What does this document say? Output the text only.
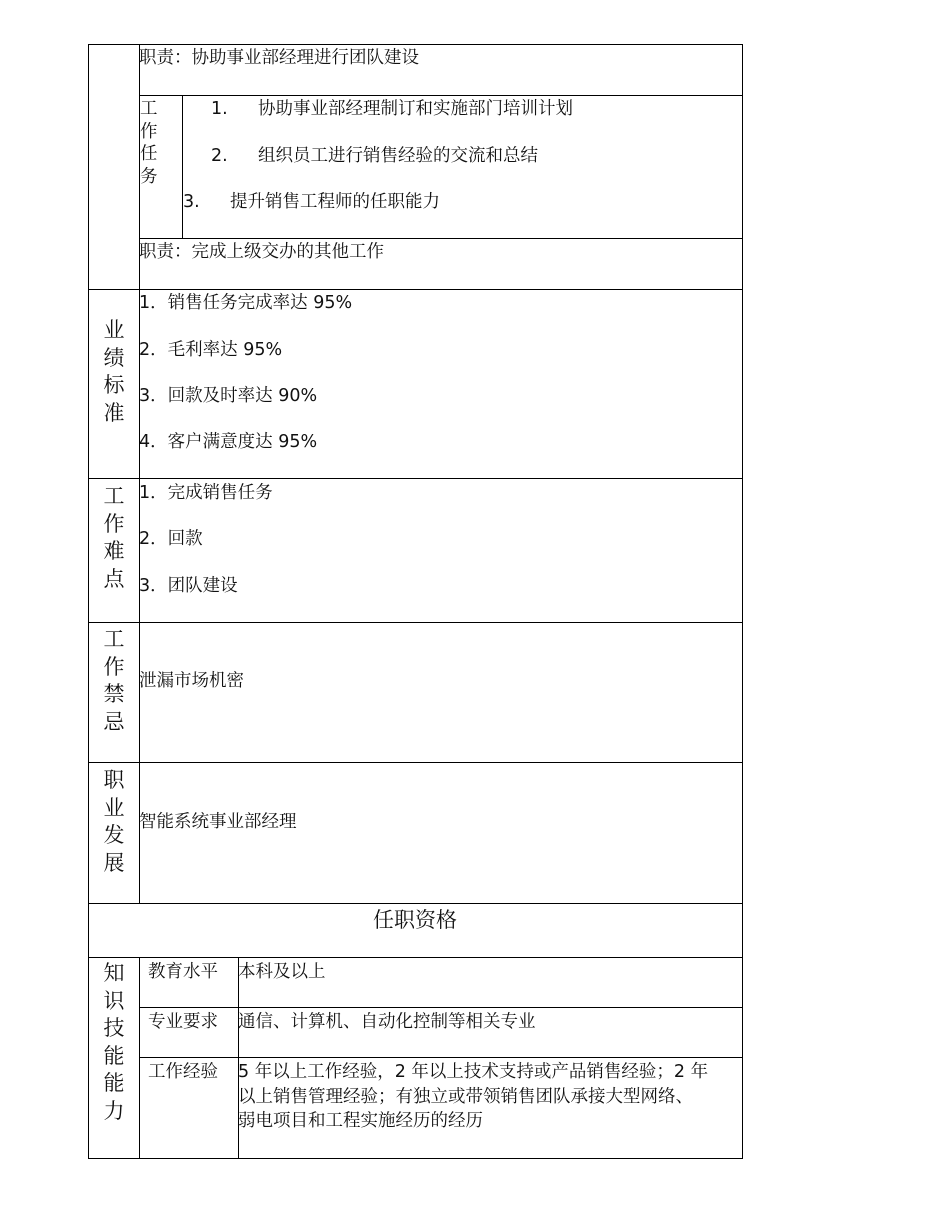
职责：协助事业部经理进行团队建设
工
作
任
务
1. 协助事业部经理制订和实施部门培训计划
2. 组织员工进行销售经验的交流和总结
3. 提升销售工程师的任职能力
职责：完成上级交办的其他工作
业
绩
标
准
1．销售任务完成率达 95%
2．毛利率达 95%
3．回款及时率达 90%
4．客户满意度达 95%
工
作
难
点
1．完成销售任务
2．回款
3．团队建设
工
作
禁
忌
泄漏市场机密
职
业
发
展
智能系统事业部经理
任职资格
知
识
技
能
能
力
教育水平 本科及以上
专业要求 通信、计算机、自动化控制等相关专业
工作经验 5 年以上工作经验，2 年以上技术支持或产品销售经验；2 年
以上销售管理经验；有独立或带领销售团队承接大型网络、
弱电项目和工程实施经历的经历
